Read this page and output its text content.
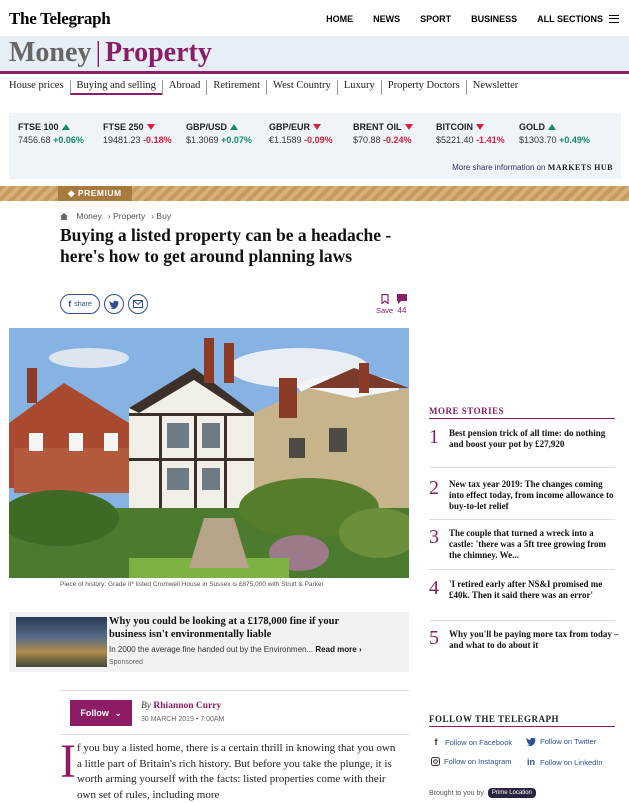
The Telegraph	HOME NEWS SPORT BUSINESS ALL SECTIONS
Money | Property
House prices	Buying and selling	Abroad	Retirement	West Country	Luxury	Property Doctors	Newsletter
FTSE 100
7456.68 +0.06%
FTSE 250
19481.23 -0.18%
GBP/USD
$1.3069 +0.07%
GBP/EUR
€1.1589 -0.09%
BRENT OIL
$70.88 -0.24%
BITCOIN
$5221.40 -1.41%
GOLD
$1303.70 +0.49%
More share information on MARKETS HUB
◆ PREMIUM
Money › Property › Buy
Buying a listed property can be a headache - here's how to get around planning laws
f share
Save 44
Piece of history: Grade II* listed Cromwell House in Sussex is £875,000 with Strutt & Parker
Why you could be looking at a £178,000 fine if your business isn't environmentally liable
In 2000 the average fine handed out by the Environmen... Read more ›
Sponsored
Follow ⌄
By Rhiannon Curry
30 MARCH 2019 • 7:00AM
I f you buy a listed home, there is a certain thrill in knowing that you own a little part of Britain's rich history. But before you take the plunge, it is worth arming yourself with the facts: listed properties come with their own set of rules, including more

MORE STORIES
1 Best pension trick of all time: do nothing and boost your pot by £27,920
2 New tax year 2019: The changes coming into effect today, from income allowance to buy-to-let relief
3 The couple that turned a wreck into a castle: 'there was a 5ft tree growing from the chimney. We...
4 'I retired early after NS&I promised me £40k. Then it said there was an error'
5 Why you'll be paying more tax from today – and what to do about it
FOLLOW THE TELEGRAPH
f	Follow on Facebook	Follow on Twitter
Follow on Instagram in Follow on LinkedIn
Brought to you by	Prime Location
